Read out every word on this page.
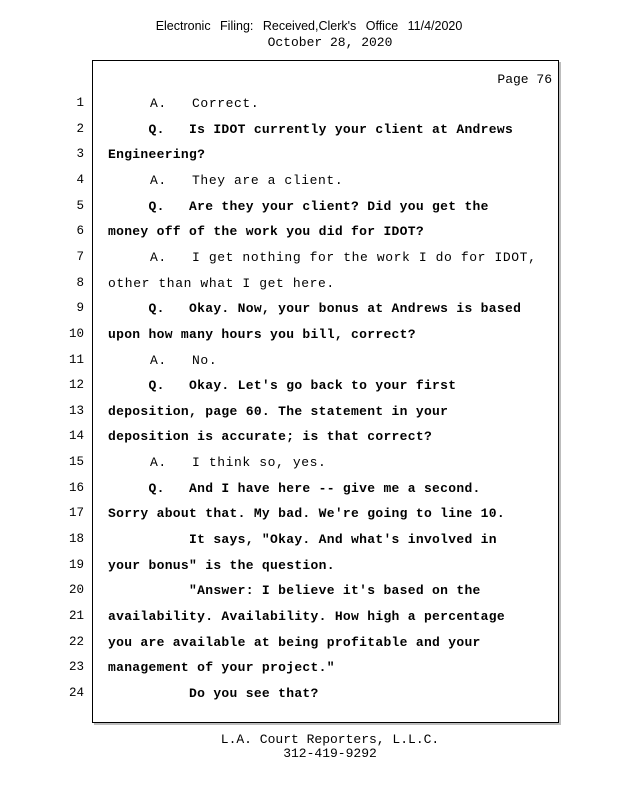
Electronic Filing: Received,Clerk's Office 11/4/2020
October 28, 2020
Page 76
1 A.   Correct.
2 Q.   Is IDOT currently your client at Andrews
3 Engineering?
4 A.   They are a client.
5 Q.   Are they your client? Did you get the
6 money off of the work you did for IDOT?
7 A.   I get nothing for the work I do for IDOT,
8 other than what I get here.
9 Q.   Okay. Now, your bonus at Andrews is based
10 upon how many hours you bill, correct?
11 A.   No.
12 Q.   Okay. Let's go back to your first
13 deposition, page 60. The statement in your
14 deposition is accurate; is that correct?
15 A.   I think so, yes.
16 Q.   And I have here -- give me a second.
17 Sorry about that. My bad. We're going to line 10.
18 It says, "Okay. And what's involved in
19 your bonus" is the question.
20 "Answer: I believe it's based on the
21 availability. Availability. How high a percentage
22 you are available at being profitable and your
23 management of your project."
24 Do you see that?
L.A. Court Reporters, L.L.C.
312-419-9292
